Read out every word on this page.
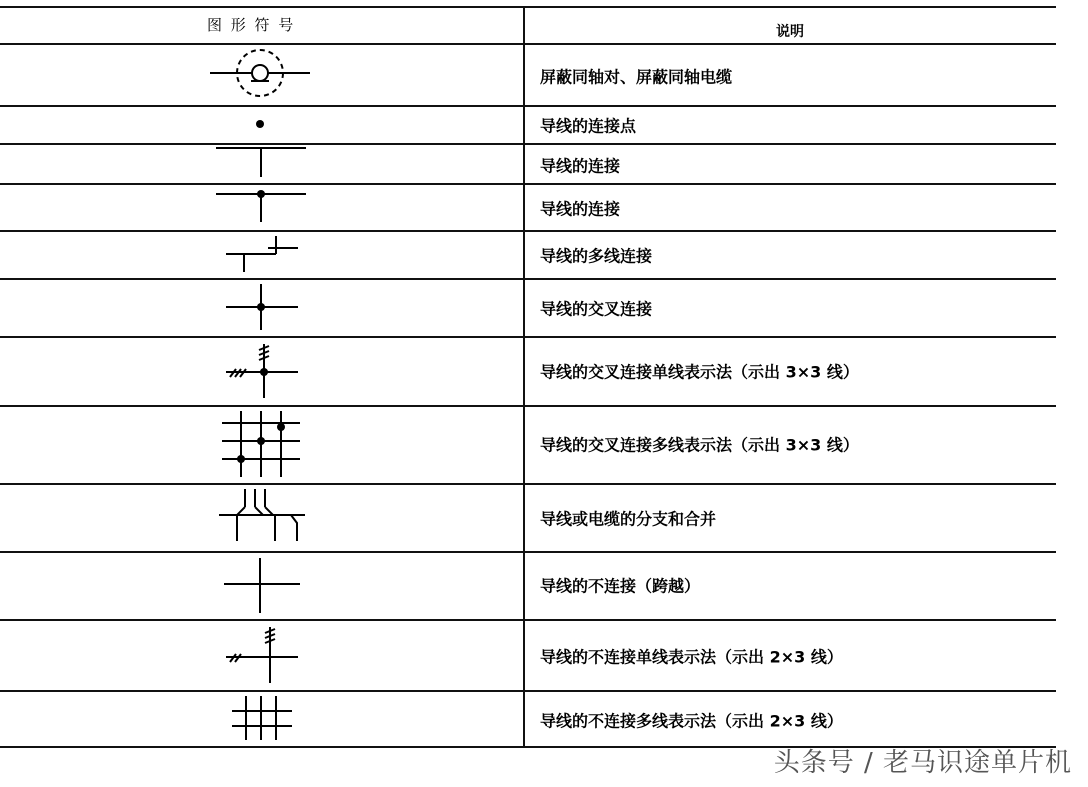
图 形 符 号	说明
屏蔽同轴对、屏蔽同轴电缆
导线的连接点
导线的连接
导线的连接
导线的多线连接
导线的交叉连接
导线的交叉连接单线表示法（示出 3×3 线）
导线的交叉连接多线表示法（示出 3×3 线）
导线或电缆的分支和合并
导线的不连接（跨越）
导线的不连接单线表示法（示出 2×3 线）
导线的不连接多线表示法（示出 2×3 线）
头条号 / 老马识途单片机
